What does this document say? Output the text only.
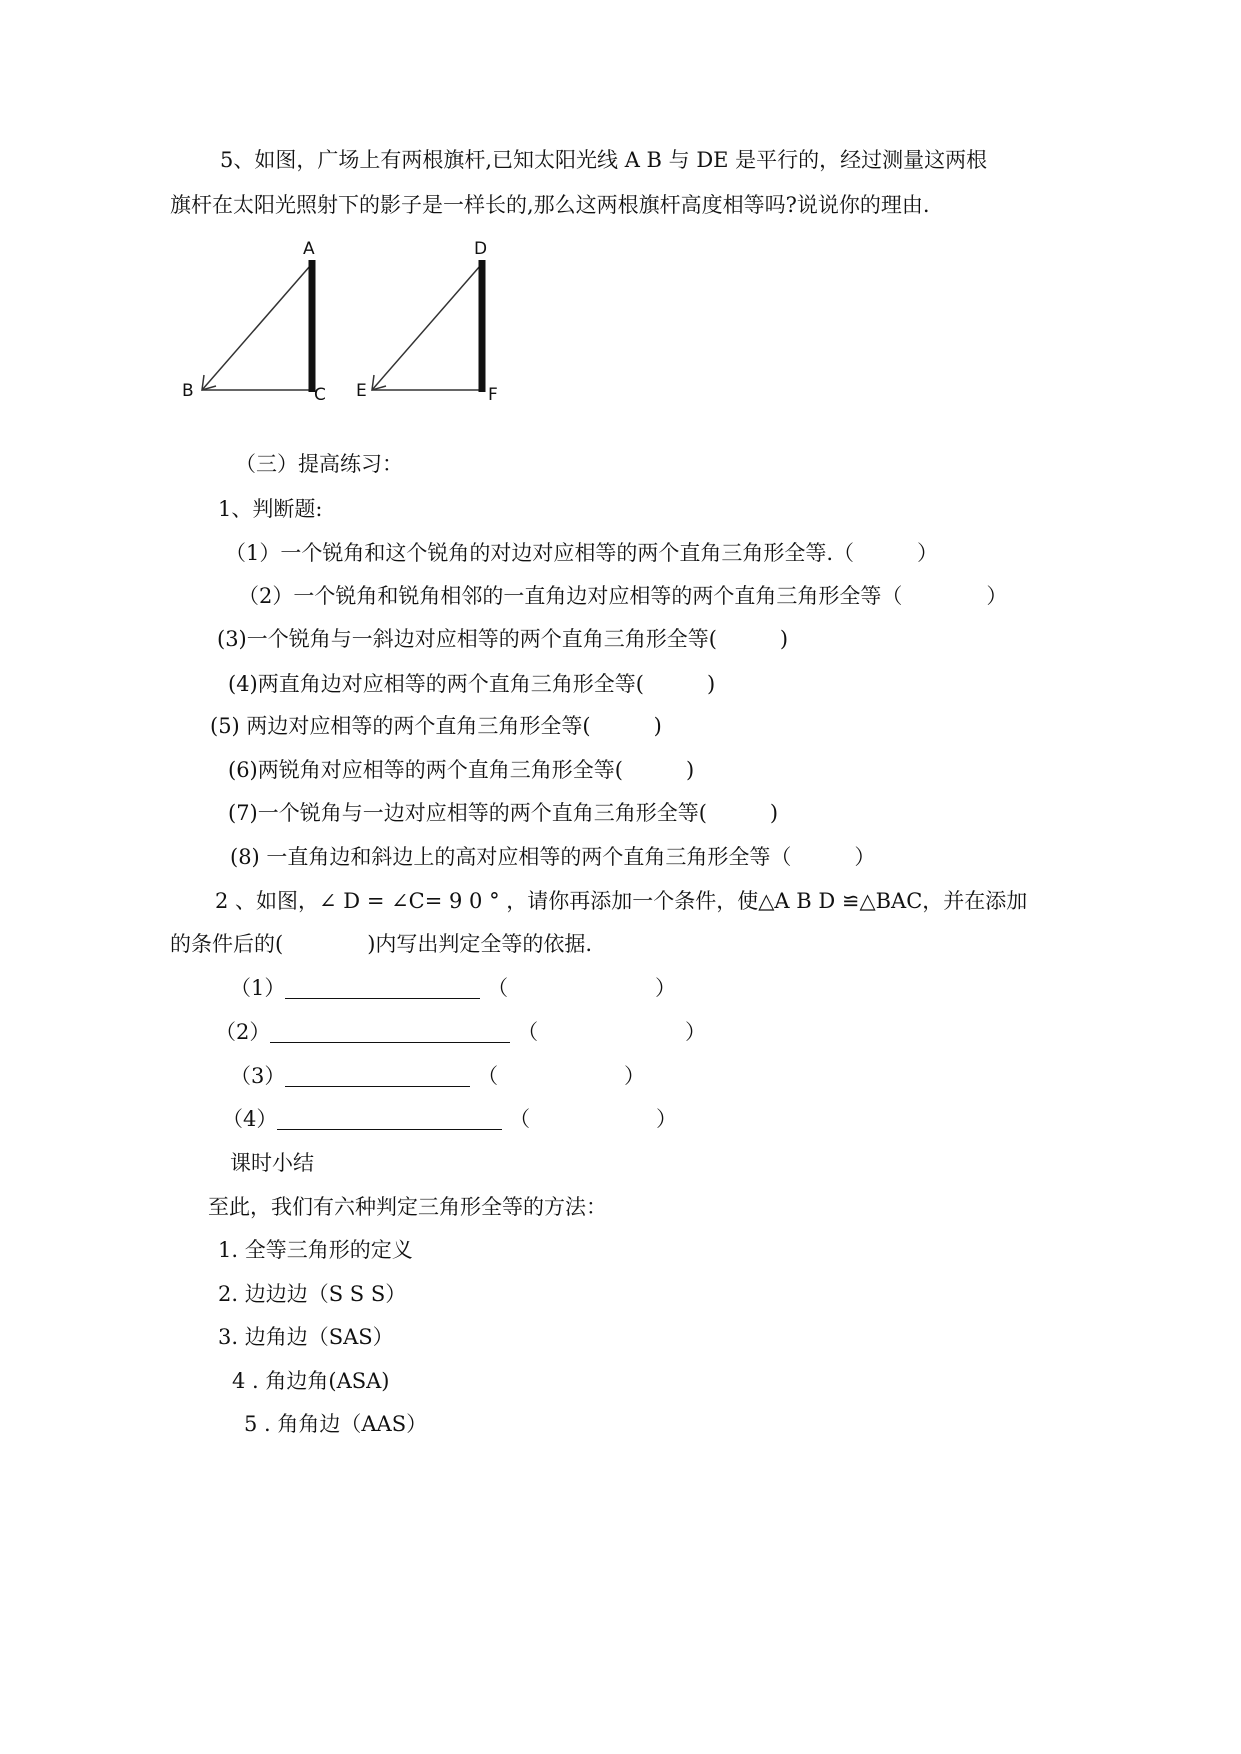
5、如图，广场上有两根旗杆,已知太阳光线 A B 与 DE 是平行的，经过测量这两根
旗杆在太阳光照射下的影子是一样长的,那么这两根旗杆高度相等吗?说说你的理由.
A
B	C
D
E	F
（三）提高练习：
1、判断题:
（1）一个锐角和这个锐角的对边对应相等的两个直角三角形全等.（　　　）
（2）一个锐角和锐角相邻的一直角边对应相等的两个直角三角形全等（　　　　）
(3)一个锐角与一斜边对应相等的两个直角三角形全等(　　　)
(4)两直角边对应相等的两个直角三角形全等(　　　)
(5) 两边对应相等的两个直角三角形全等(　　　)
(6)两锐角对应相等的两个直角三角形全等(　　　)
(7)一个锐角与一边对应相等的两个直角三角形全等(　　　)
(8) 一直角边和斜边上的高对应相等的两个直角三角形全等（　　　）
2 、如图，∠ D = ∠C= 9 0 ° ，请你再添加一个条件，使△A B D ≌△BAC，并在添加
的条件后的(　　　　)内写出判定全等的依据.
（1）	（　　　　　　　）
（2）	（　　　　　　　）
（3）	（　　　　　　）
（4）	（　　　　　　）
课时小结
至此，我们有六种判定三角形全等的方法：
1. 全等三角形的定义
2. 边边边（S S S）
3. 边角边（SAS）
4 . 角边角(ASA)
5 . 角角边（AAS）
